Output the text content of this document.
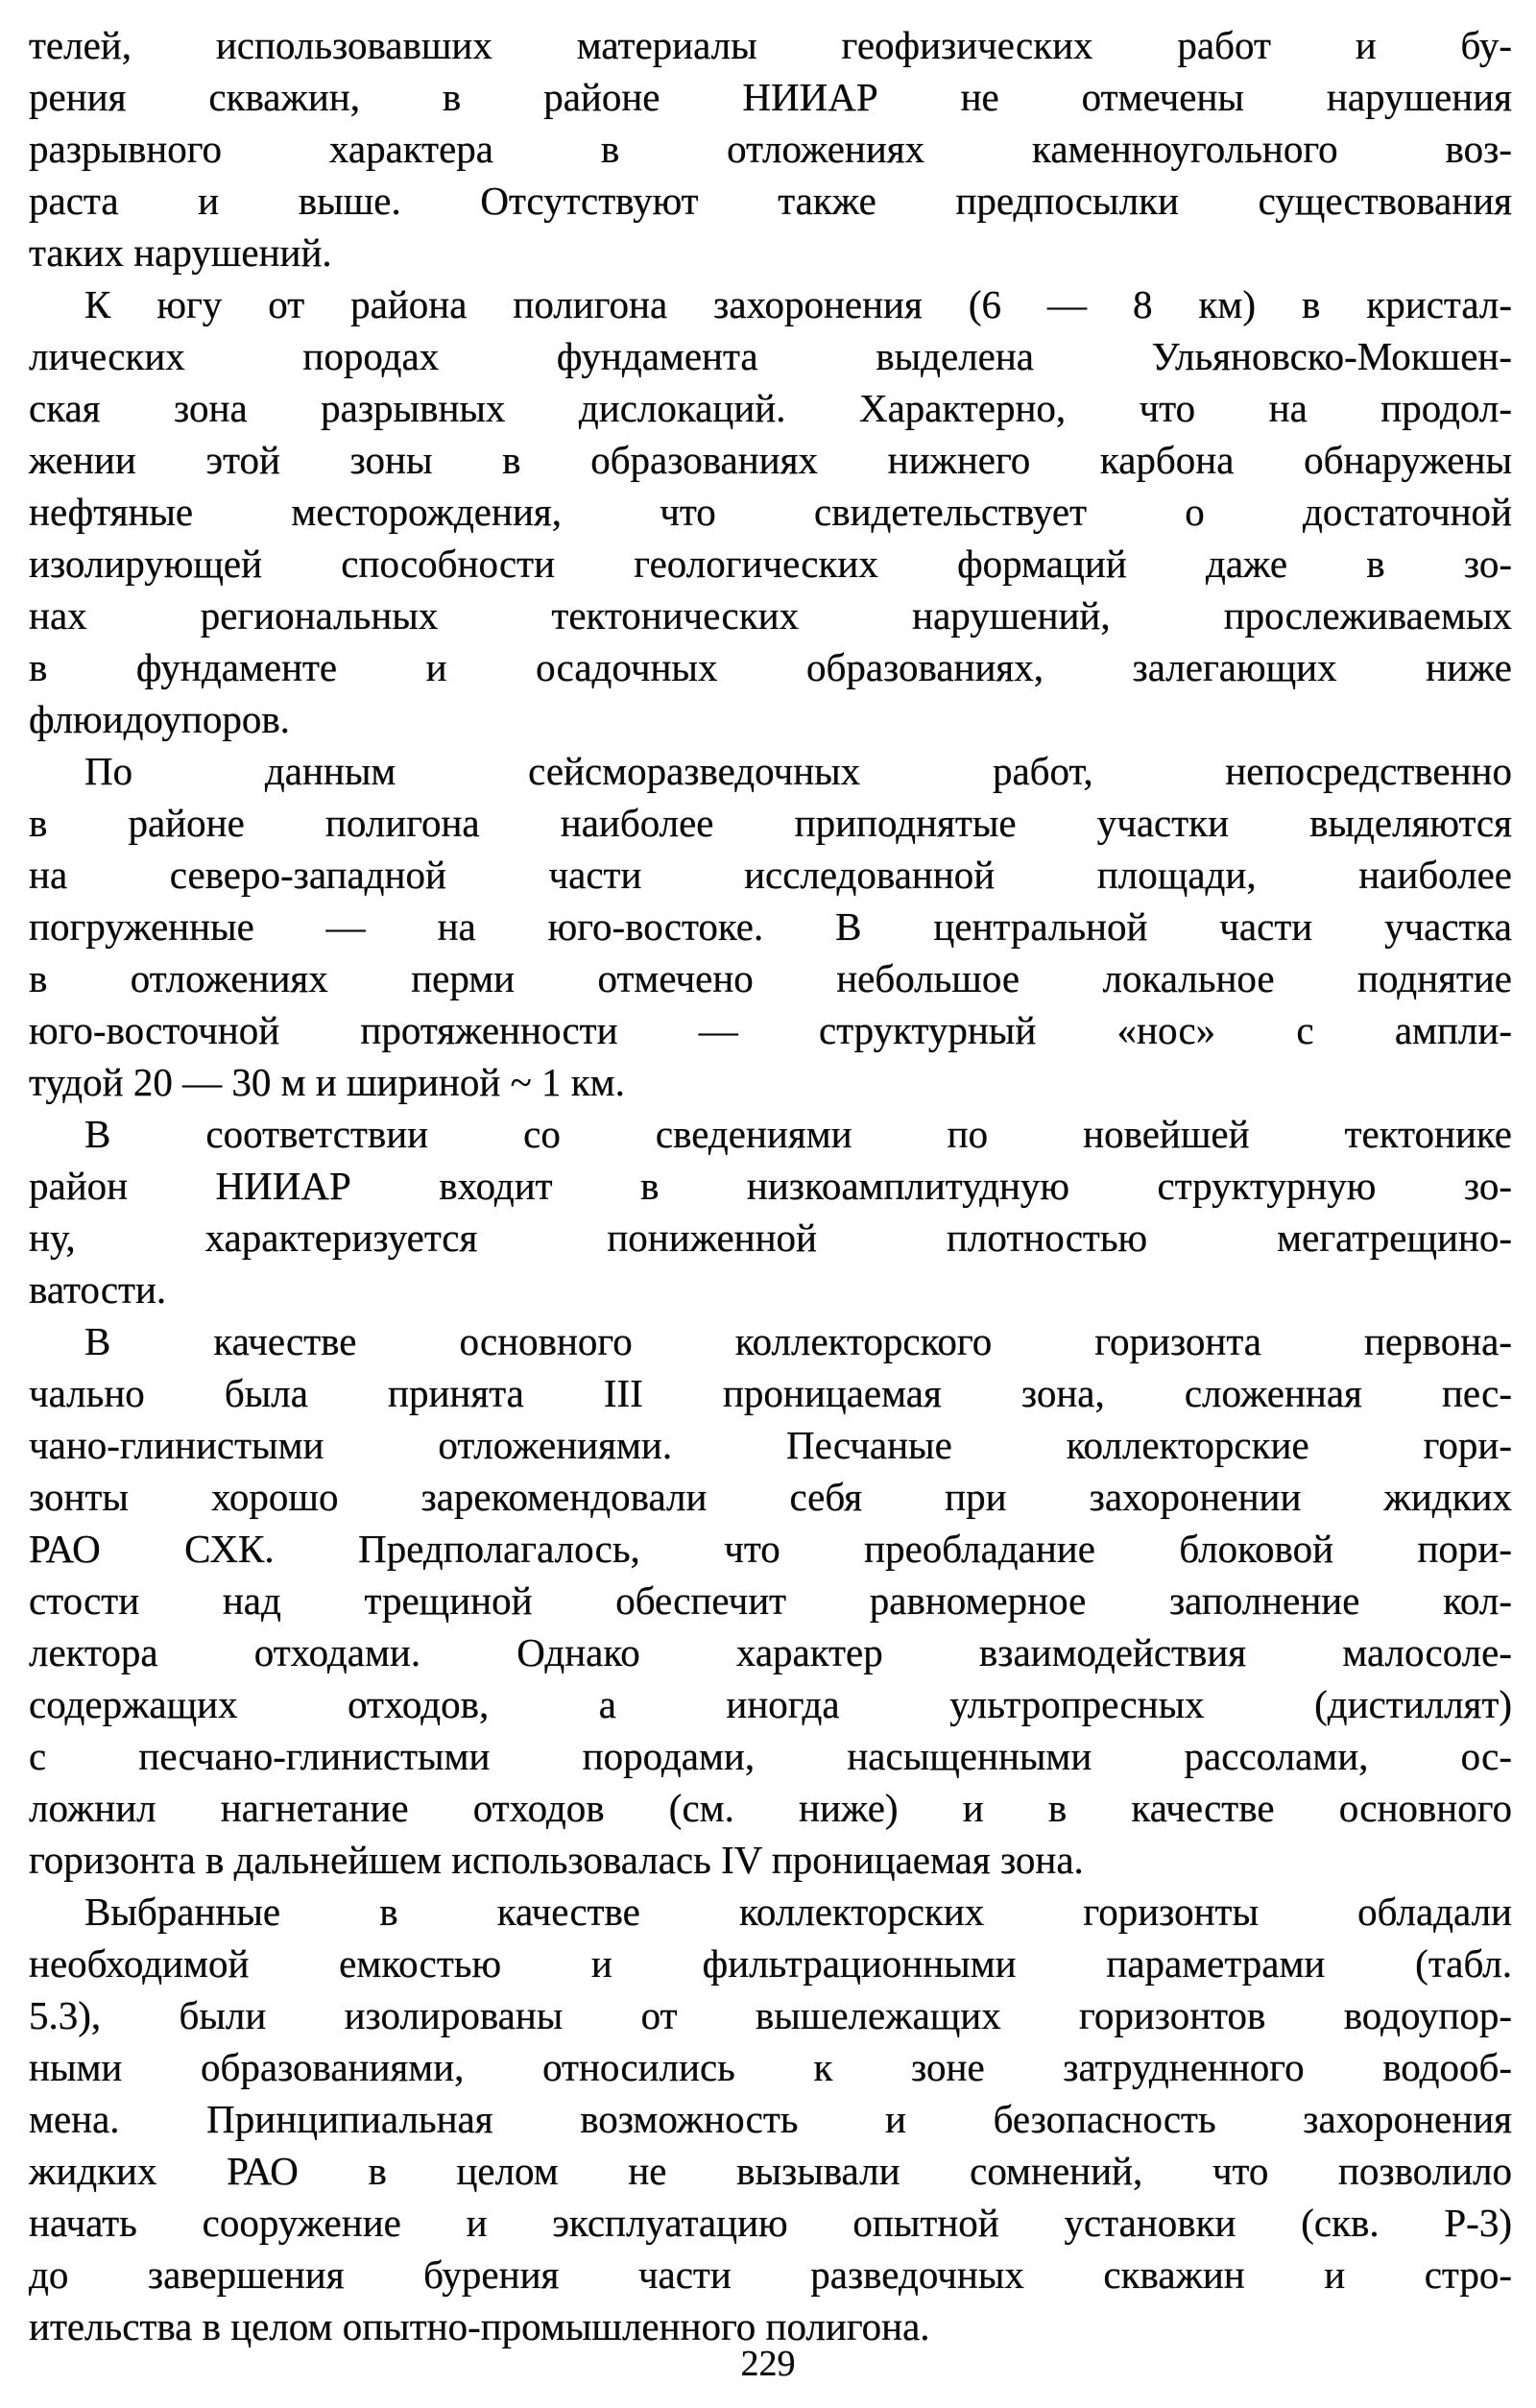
телей, использовавших материалы геофизических работ и бу-
рения скважин, в районе НИИАР не отмечены нарушения
разрывного характера в отложениях каменноугольного воз-
раста и выше. Отсутствуют также предпосылки существования
таких нарушений.
К югу от района полигона захоронения (6 — 8 км) в кристал-
лических породах фундамента выделена Ульяновско-Мокшен-
ская зона разрывных дислокаций. Характерно, что на продол-
жении этой зоны в образованиях нижнего карбона обнаружены
нефтяные месторождения, что свидетельствует о достаточной
изолирующей способности геологических формаций даже в зо-
нах региональных тектонических нарушений, прослеживаемых
в фундаменте и осадочных образованиях, залегающих ниже
флюидоупоров.
По данным сейсморазведочных работ, непосредственно
в районе полигона наиболее приподнятые участки выделяются
на северо-западной части исследованной площади, наиболее
погруженные — на юго-востоке. В центральной части участка
в отложениях перми отмечено небольшое локальное поднятие
юго-восточной протяженности — структурный «нос» с ампли-
тудой 20 — 30 м и шириной ~ 1 км.
В соответствии со сведениями по новейшей тектонике
район НИИАР входит в низкоамплитудную структурную зо-
ну, характеризуется пониженной плотностью мегатрещино-
ватости.
В качестве основного коллекторского горизонта первона-
чально была принята III проницаемая зона, сложенная пес-
чано-глинистыми отложениями. Песчаные коллекторские гори-
зонты хорошо зарекомендовали себя при захоронении жидких
РАО СХК. Предполагалось, что преобладание блоковой пори-
стости над трещиной обеспечит равномерное заполнение кол-
лектора отходами. Однако характер взаимодействия малосоле-
содержащих отходов, а иногда ультропресных (дистиллят)
с песчано-глинистыми породами, насыщенными рассолами, ос-
ложнил нагнетание отходов (см. ниже) и в качестве основного
горизонта в дальнейшем использовалась IV проницаемая зона.
Выбранные в качестве коллекторских горизонты обладали
необходимой емкостью и фильтрационными параметрами (табл.
5.3), были изолированы от вышележащих горизонтов водоупор-
ными образованиями, относились к зоне затрудненного водооб-
мена. Принципиальная возможность и безопасность захоронения
жидких РАО в целом не вызывали сомнений, что позволило
начать сооружение и эксплуатацию опытной установки (скв. Р-3)
до завершения бурения части разведочных скважин и стро-
ительства в целом опытно-промышленного полигона.
229
